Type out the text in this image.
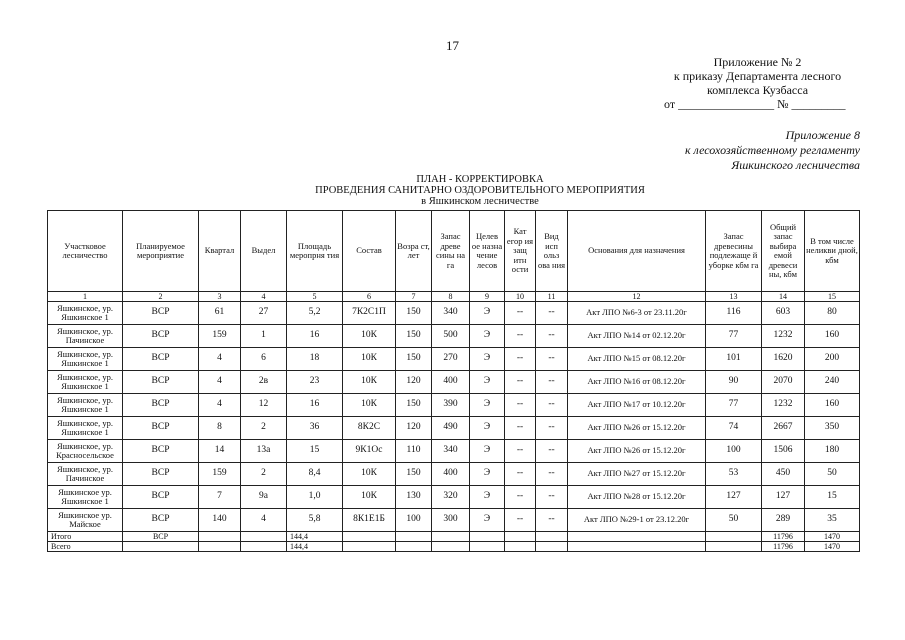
17
Приложение № 2
к приказу Департамента лесного
комплекса Кузбасса
от ________________ № _________
Приложение 8
к лесохозяйственному регламенту
Яшкинского лесничества
ПЛАН - КОРРЕКТИРОВКА
ПРОВЕДЕНИЯ САНИТАРНО ОЗДОРОВИТЕЛЬНОГО МЕРОПРИЯТИЯ
в Яшкинском лесничестве
Участковое лесничество	Планируемое мероприятие	Квартал	Выдел	Площадь меропрня тия	Состав	Возра ст, лет	Запас древе сины на га	Целев ое назна чение лесов	Кат егор ия защ итн ости	Вид исп ольз ова ния	Основания для назначения	Запас древесины подлежаще й уборке кбм га	Общий запас выбира емой древеси ны, кбм	В том числе неликви дной, кбм
1	2	3	4	5	6	7	8	9	10	11	12	13	14	15
Яшкинское, ур. Яшкинское 1	ВСР	61	27	5,2	7К2С1П	150	340	Э	--	--	Акт ЛПО №6-3 от 23.11.20г	116	603	80
Яшкинское, ур. Пачинское	ВСР	159	1	16	10К	150	500	Э	--	--	Акт ЛПО №14 от 02.12.20г	77	1232	160
Яшкинское, ур. Яшкинское 1	ВСР	4	6	18	10К	150	270	Э	--	--	Акт ЛПО №15 от 08.12.20г	101	1620	200
Яшкинское, ур. Яшкинское 1	ВСР	4	2в	23	10К	120	400	Э	--	--	Акт ЛПО №16 от 08.12.20г	90	2070	240
Яшкинское, ур. Яшкинское 1	ВСР	4	12	16	10К	150	390	Э	--	--	Акт ЛПО №17 от 10.12.20г	77	1232	160
Яшкинское, ур. Яшкинское 1	ВСР	8	2	36	8К2С	120	490	Э	--	--	Акт ЛПО №26 от 15.12.20г	74	2667	350
Яшкинское, ур. Красносельское	ВСР	14	13а	15	9К1Ос	110	340	Э	--	--	Акт ЛПО №26 от 15.12.20г	100	1506	180
Яшкинское, ур. Пачинское	ВСР	159	2	8,4	10К	150	400	Э	--	--	Акт ЛПО №27 от 15.12.20г	53	450	50
Яшкинское ур. Яшкинское 1	ВСР	7	9а	1,0	10К	130	320	Э	--	--	Акт ЛПО №28 от 15.12.20г	127	127	15
Яшкинское ур. Майское	ВСР	140	4	5,8	8К1Е1Б	100	300	Э	--	--	Акт ЛПО №29-1 от 23.12.20г	50	289	35
Итого	ВСР			144,4									11796	1470
Всего				144,4									11796	1470
